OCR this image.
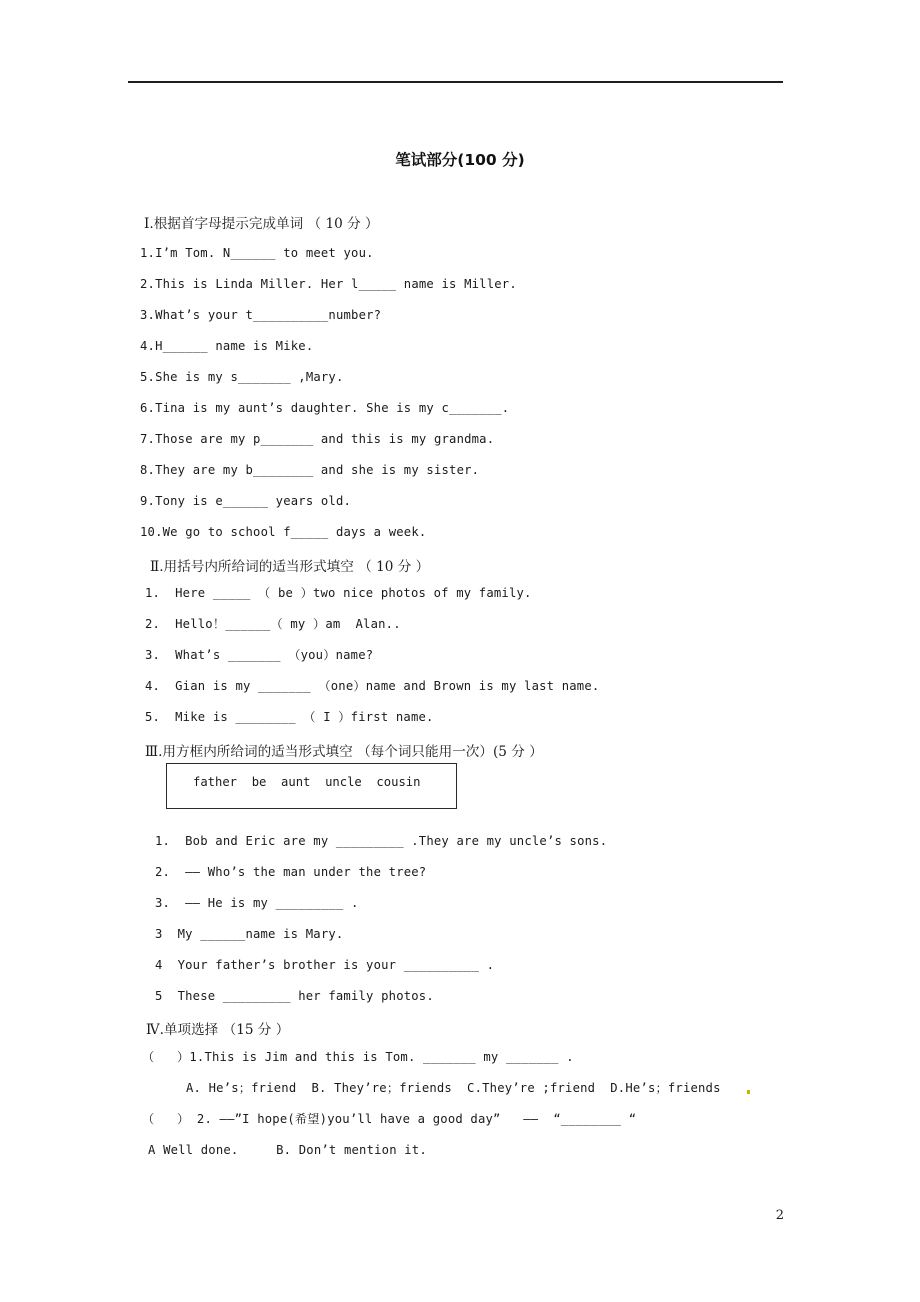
笔试部分(100 分)
Ⅰ.根据首字母提示完成单词 （ 10 分 ）
1.I’m Tom. N______ to meet you.
2.This is Linda Miller. Her l_____ name is Miller.
3.What’s your t__________number?
4.H______ name is Mike.
5.She is my s_______ ,Mary.
6.Tina is my aunt’s daughter. She is my c_______.
7.Those are my p_______ and this is my grandma.
8.They are my b________ and she is my sister.
9.Tony is e______ years old.
10.We go to school f_____ days a week.
Ⅱ.用括号内所给词的适当形式填空 （ 10 分 ）
1.  Here _____ （ be ）two nice photos of my family.
2.  Hello！______（ my ）am  Alan..
3.  What’s _______ （you）name?
4.  Gian is my _______ （one）name and Brown is my last name.
5.  Mike is ________ （ I ）first name.
Ⅲ.用方框内所给词的适当形式填空 （每个词只能用一次）(5 分 ）
father  be  aunt  uncle  cousin
1.  Bob and Eric are my _________ .They are my uncle’s sons.
2.  —— Who’s the man under the tree?
3.  —— He is my _________ .
3  My ______name is Mary.
4  Your father’s brother is your __________ .
5  These _________ her family photos.
Ⅳ.单项选择 （15 分 ）
（   ）1.This is Jim and this is Tom. _______ my _______ .
A. He’s；friend  B. They’re；friends  C.They’re ;friend  D.He’s；friends
（   ） 2. ——”I hope(希望)you’ll have a good day”   ——  “________ “
A Well done.     B. Don’t mention it.
2
